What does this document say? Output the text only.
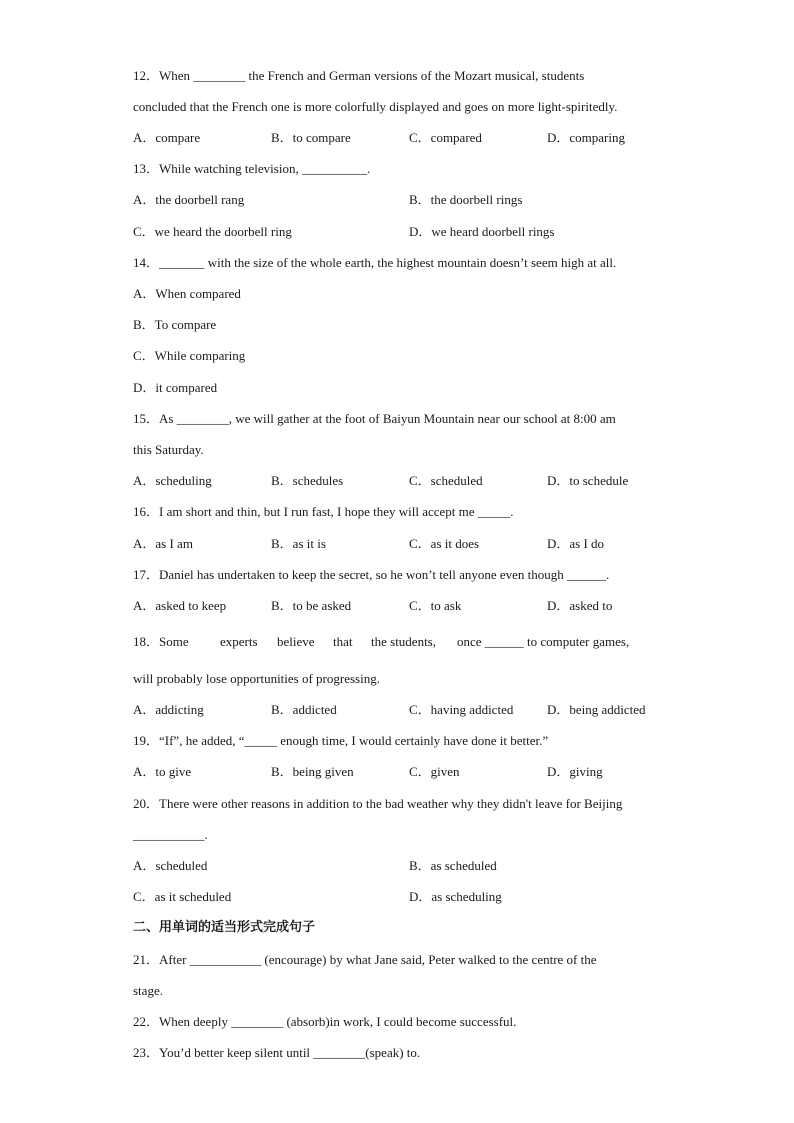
12．When ________ the French and German versions of the Mozart musical, students
concluded that the French one is more colorfully displayed and goes on more light-spiritedly.
A．compare	B．to compare	C．compared	D．comparing
13．While watching television, __________.
A．the doorbell rang	B．the doorbell rings
C．we heard the doorbell ring	D．we heard doorbell rings
14．_______ with the size of the whole earth, the highest mountain doesn’t seem high at all.
A．When compared
B．To compare
C．While comparing
D．it compared
15．As ________, we will gather at the foot of Baiyun Mountain near our school at 8:00 am
this Saturday.
A．scheduling	B．schedules	C．scheduled	D．to schedule
16．I am short and thin, but I run fast, I hope they will accept me _____.
A．as I am	B．as it is	C．as it does	D．as I do
17．Daniel has undertaken to keep the secret, so he won’t tell anyone even though ______.
A．asked to keep	B．to be asked	C．to ask	D．asked to
18．Some experts believe that the students, once ______ to computer games,
will probably lose opportunities of progressing.
A．addicting	B．addicted	C．having addicted	D．being addicted
19．“If”, he added, “_____ enough time, I would certainly have done it better.”
A．to give	B．being given	C．given	D．giving
20．There were other reasons in addition to the bad weather why they didn't leave for Beijing
___________.
A．scheduled	B．as scheduled
C．as it scheduled	D．as scheduling
二、用单词的适当形式完成句子
21．After ___________ (encourage) by what Jane said, Peter walked to the centre of the
stage.
22．When deeply ________ (absorb)in work, I could become successful.
23．You’d better keep silent until ________(speak) to.
